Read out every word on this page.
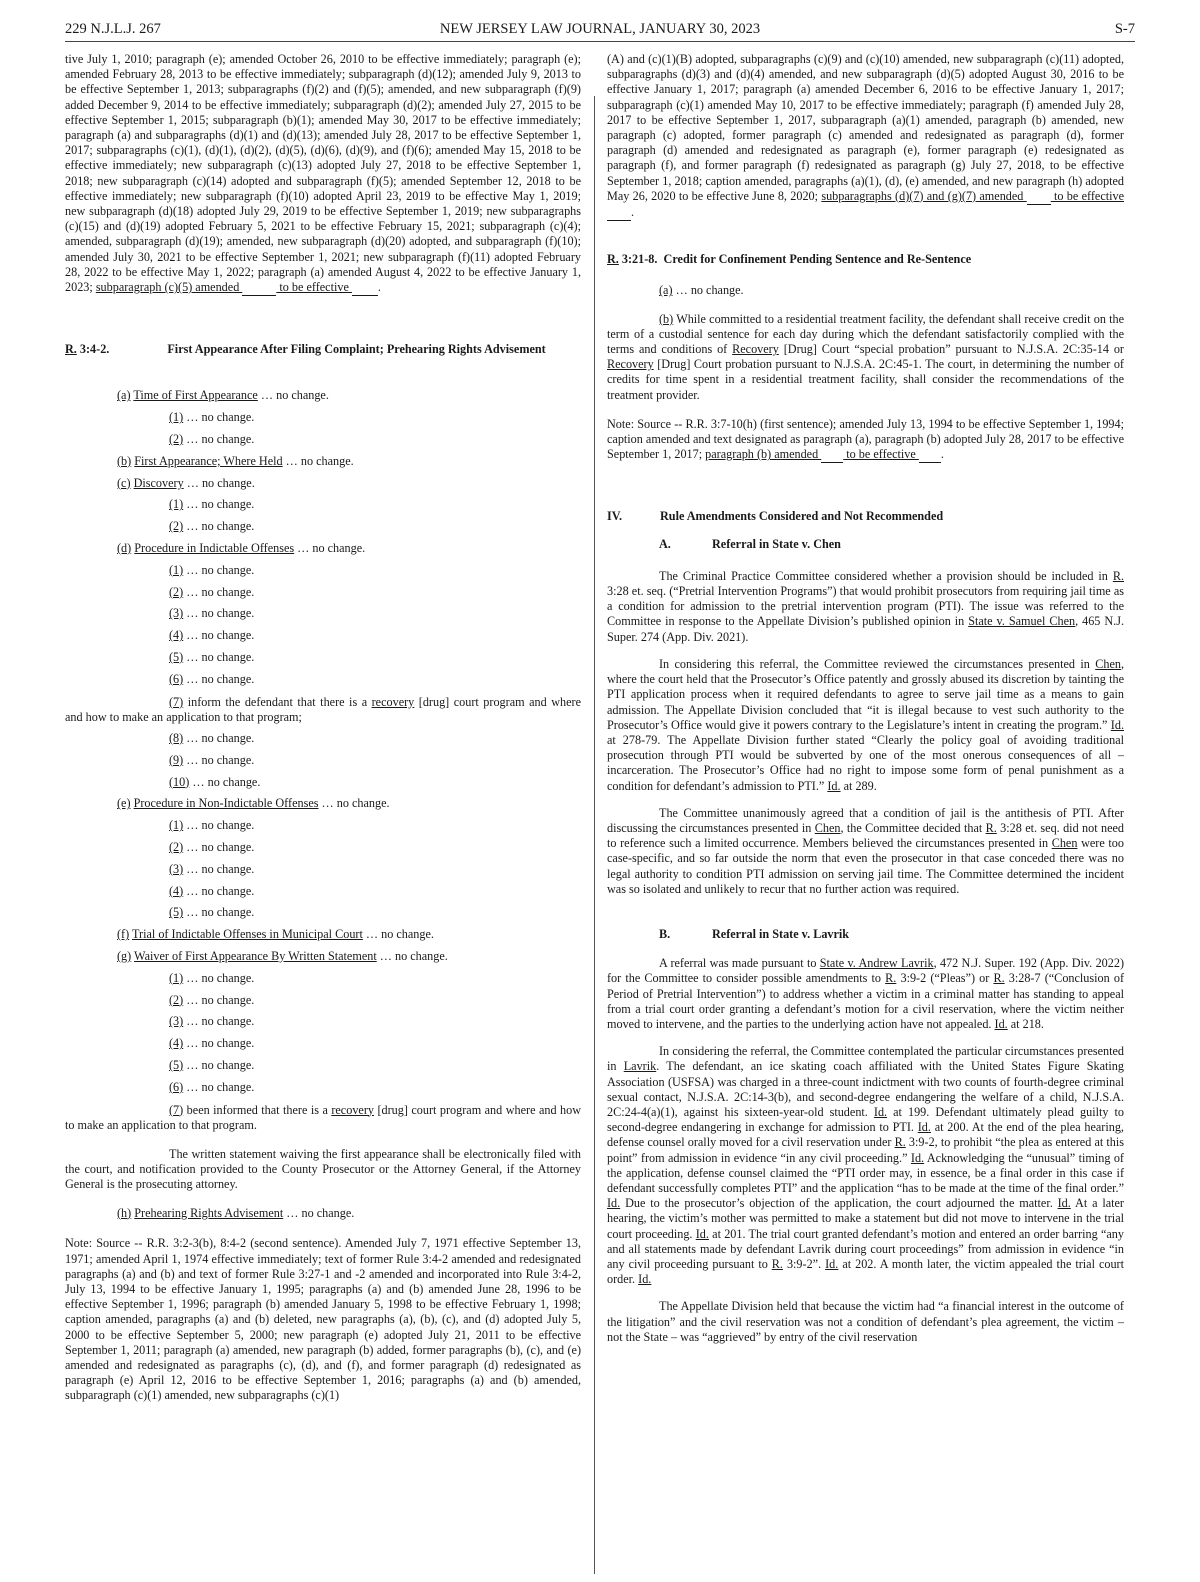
229 N.J.L.J. 267	NEW JERSEY LAW JOURNAL, JANUARY 30, 2023	S-7

tive July 1, 2010; paragraph (e); amended October 26, 2010 to be effective immediately; paragraph (e); amended February 28, 2013 to be effective immediately; subparagraph (d)(12); amended July 9, 2013 to be effective September 1, 2013; subparagraphs (f)(2) and (f)(5); amended, and new subparagraph (f)(9) added December 9, 2014 to be effective immediately; subparagraph (d)(2); amended July 27, 2015 to be effective September 1, 2015; subparagraph (b)(1); amended May 30, 2017 to be effective immediately; paragraph (a) and subparagraphs (d)(1) and (d)(13); amended July 28, 2017 to be effective September 1, 2017; subparagraphs (c)(1), (d)(1), (d)(2), (d)(5), (d)(6), (d)(9), and (f)(6); amended May 15, 2018 to be effective immediately; new subparagraph (c)(13) adopted July 27, 2018 to be effective September 1, 2018; new subparagraph (c)(14) adopted and subparagraph (f)(5); amended September 12, 2018 to be effective immediately; new subparagraph (f)(10) adopted April 23, 2019 to be effective May 1, 2019; new subparagraph (d)(18) adopted July 29, 2019 to be effective September 1, 2019; new subparagraphs (c)(15) and (d)(19) adopted February 5, 2021 to be effective February 15, 2021; subparagraph (c)(4); amended, subparagraph (d)(19); amended, new subparagraph (d)(20) adopted, and subparagraph (f)(10); amended July 30, 2021 to be effective September 1, 2021; new subparagraph (f)(11) adopted February 28, 2022 to be effective May 1, 2022; paragraph (a) amended August 4, 2022 to be effective January 1, 2023; subparagraph (c)(5) amended	to be effective  .

R. 3:4-2.	First Appearance After Filing Complaint; Prehearing Rights Advisement

(a) Time of First Appearance … no change.
(1) … no change.
(2) … no change.
(b) First Appearance; Where Held … no change.
(c) Discovery … no change.
(1) … no change.
(2) … no change.
(d) Procedure in Indictable Offenses … no change.
(1) … no change.
(2) … no change.
(3) … no change.
(4) … no change.
(5) … no change.
(6) … no change.

(7) inform the defendant that there is a recovery [drug] court program and where and how to make an application to that program;

(8) … no change.
(9) … no change.
(10) … no change.
(e) Procedure in Non-Indictable Offenses … no change.
(1) … no change.
(2) … no change.
(3) … no change.
(4) … no change.
(5) … no change.
(f) Trial of Indictable Offenses in Municipal Court … no change.
(g) Waiver of First Appearance By Written Statement … no change.
(1) … no change.
(2) … no change.
(3) … no change.
(4) … no change.
(5) … no change.
(6) … no change.

(7) been informed that there is a recovery [drug] court program and where and how to make an application to that program.

The written statement waiving the first appearance shall be electronically filed with the court, and notification provided to the County Prosecutor or the Attorney General, if the Attorney General is the prosecuting attorney.

(h) Prehearing Rights Advisement … no change.

Note: Source -- R.R. 3:2-3(b), 8:4-2 (second sentence). Amended July 7, 1971 effective September 13, 1971; amended April 1, 1974 effective immediately; text of former Rule 3:4-2 amended and redesignated paragraphs (a) and (b) and text of former Rule 3:27-1 and -2 amended and incorporated into Rule 3:4-2, July 13, 1994 to be effective January 1, 1995; paragraphs (a) and (b) amended June 28, 1996 to be effective September 1, 1996; paragraph (b) amended January 5, 1998 to be effective February 1, 1998; caption amended, paragraphs (a) and (b) deleted, new paragraphs (a), (b), (c), and (d) adopted July 5, 2000 to be effective September 5, 2000; new paragraph (e) adopted July 21, 2011 to be effective September 1, 2011; paragraph (a) amended, new paragraph (b) added, former paragraphs (b), (c), and (e) amended and redesignated as paragraphs (c), (d), and (f), and former paragraph (d) redesignated as paragraph (e) April 12, 2016 to be effective September 1, 2016; paragraphs (a) and (b) amended, subparagraph (c)(1) amended, new subparagraphs (c)(1)

(A) and (c)(1)(B) adopted, subparagraphs (c)(9) and (c)(10) amended, new subparagraph (c)(11) adopted, subparagraphs (d)(3) and (d)(4) amended, and new subparagraph (d)(5) adopted August 30, 2016 to be effective January 1, 2017; paragraph (a) amended December 6, 2016 to be effective January 1, 2017; subparagraph (c)(1) amended May 10, 2017 to be effective immediately; paragraph (f) amended July 28, 2017 to be effective September 1, 2017, subparagraph (a)(1) amended, paragraph (b) amended, new paragraph (c) adopted, former paragraph (c) amended and redesignated as paragraph (d), former paragraph (d) amended and redesignated as paragraph (e), former paragraph (e) redesignated as paragraph (f), and former paragraph (f) redesignated as paragraph (g) July 27, 2018, to be effective September 1, 2018; caption amended, paragraphs (a)(1), (d), (e) amended, and new paragraph (h) adopted May 26, 2020 to be effective June 8, 2020; subparagraphs (d)(7) and (g)(7) amended   to be effective  .

R. 3:21-8. Credit for Confinement Pending Sentence and Re-Sentence

(a) … no change.

(b) While committed to a residential treatment facility, the defendant shall receive credit on the term of a custodial sentence for each day during which the defendant satisfactorily complied with the terms and conditions of Recovery [Drug] Court “special probation” pursuant to N.J.S.A. 2C:35-14 or Recovery [Drug] Court probation pursuant to N.J.S.A. 2C:45-1. The court, in determining the number of credits for time spent in a residential treatment facility, shall consider the recommendations of the treatment provider.

Note: Source -- R.R. 3:7-10(h) (first sentence); amended July 13, 1994 to be effective September 1, 1994; caption amended and text designated as paragraph (a), paragraph (b) adopted July 28, 2017 to be effective September 1, 2017; paragraph (b) amended   to be effective  .

IV.	Rule Amendments Considered and Not Recommended

A.	Referral in State v. Chen

The Criminal Practice Committee considered whether a provision should be included in R. 3:28 et. seq. (“Pretrial Intervention Programs”) that would prohibit prosecutors from requiring jail time as a condition for admission to the pretrial intervention program (PTI). The issue was referred to the Committee in response to the Appellate Division’s published opinion in State v. Samuel Chen, 465 N.J. Super. 274 (App. Div. 2021).

In considering this referral, the Committee reviewed the circumstances presented in Chen, where the court held that the Prosecutor’s Office patently and grossly abused its discretion by tainting the PTI application process when it required defendants to agree to serve jail time as a means to gain admission. The Appellate Division concluded that “it is illegal because to vest such authority to the Prosecutor’s Office would give it powers contrary to the Legislature’s intent in creating the program.” Id. at 278-79. The Appellate Division further stated “Clearly the policy goal of avoiding traditional prosecution through PTI would be subverted by one of the most onerous consequences of all – incarceration. The Prosecutor’s Office had no right to impose some form of penal punishment as a condition for defendant’s admission to PTI.” Id. at 289.

The Committee unanimously agreed that a condition of jail is the antithesis of PTI. After discussing the circumstances presented in Chen, the Committee decided that R. 3:28 et. seq. did not need to reference such a limited occurrence. Members believed the circumstances presented in Chen were too case-specific, and so far outside the norm that even the prosecutor in that case conceded there was no legal authority to condition PTI admission on serving jail time. The Committee determined the incident was so isolated and unlikely to recur that no further action was required.

B.	Referral in State v. Lavrik

A referral was made pursuant to State v. Andrew Lavrik, 472 N.J. Super. 192 (App. Div. 2022) for the Committee to consider possible amendments to R. 3:9-2 (“Pleas”) or R. 3:28-7 (“Conclusion of Period of Pretrial Intervention”) to address whether a victim in a criminal matter has standing to appeal from a trial court order granting a defendant’s motion for a civil reservation, where the victim neither moved to intervene, and the parties to the underlying action have not appealed. Id. at 218.

In considering the referral, the Committee contemplated the particular circumstances presented in Lavrik. The defendant, an ice skating coach affiliated with the United States Figure Skating Association (USFSA) was charged in a three-count indictment with two counts of fourth-degree criminal sexual contact, N.J.S.A. 2C:14-3(b), and second-degree endangering the welfare of a child, N.J.S.A. 2C:24-4(a)(1), against his sixteen-year-old student. Id. at 199. Defendant ultimately plead guilty to second-degree endangering in exchange for admission to PTI. Id. at 200. At the end of the plea hearing, defense counsel orally moved for a civil reservation under R. 3:9-2, to prohibit “the plea as entered at this point” from admission in evidence “in any civil proceeding.” Id. Acknowledging the “unusual” timing of the application, defense counsel claimed the “PTI order may, in essence, be a final order in this case if defendant successfully completes PTI” and the application “has to be made at the time of the final order.” Id. Due to the prosecutor’s objection of the application, the court adjourned the matter. Id. At a later hearing, the victim’s mother was permitted to make a statement but did not move to intervene in the trial court proceeding. Id. at 201. The trial court granted defendant’s motion and entered an order barring “any and all statements made by defendant Lavrik during court proceedings” from admission in evidence “in any civil proceeding pursuant to R. 3:9-2”. Id. at 202. A month later, the victim appealed the trial court order. Id.

The Appellate Division held that because the victim had “a financial interest in the outcome of the litigation” and the civil reservation was not a condition of defendant’s plea agreement, the victim – not the State – was “aggrieved” by entry of the civil reservation
